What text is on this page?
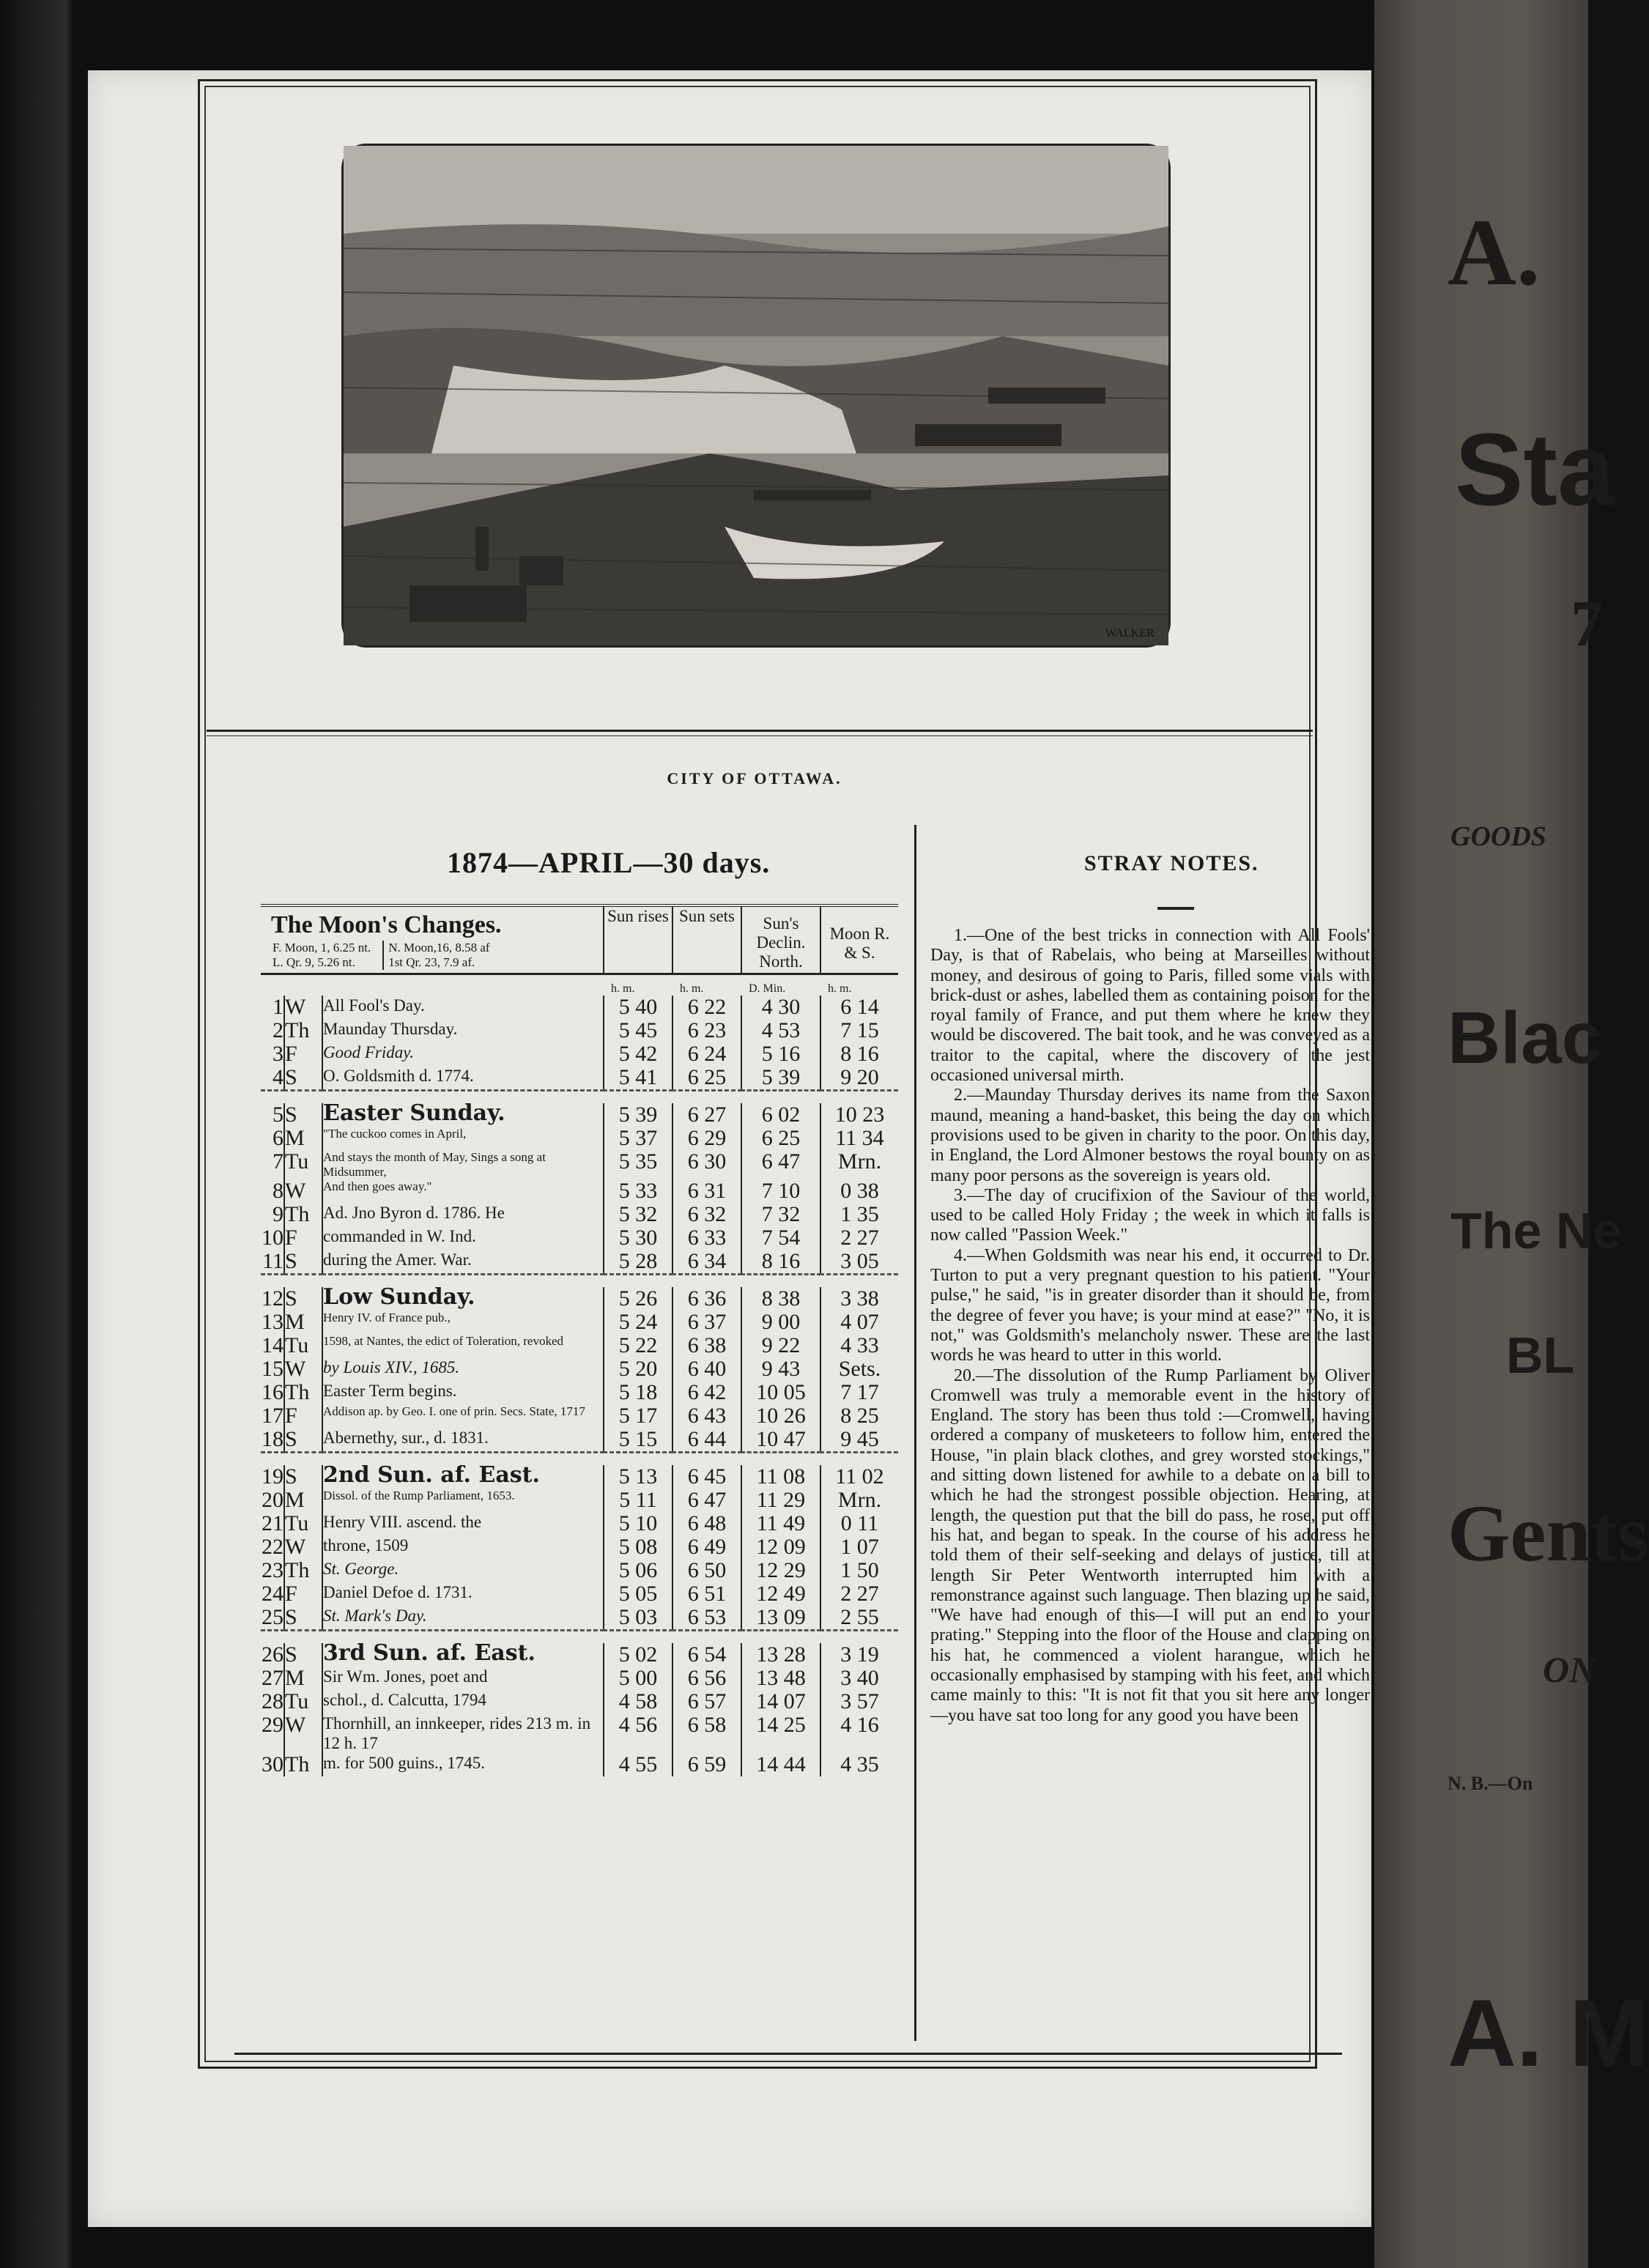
WALKER
CITY OF OTTAWA.
1874—APRIL—30 days.	STRAY NOTES.
The Moon's Changes.
F. Moon, 1, 6.25 nt.
L. Qr. 9, 5.26 nt.
N. Moon,16, 8.58 af
1st Qr. 23, 7.9 af.			Sun rises	Sun sets	Sun's Declin. North.	Moon R. & S.
			h. m.	h. m.	D. Min.	h. m.
1	W	All Fool's Day.	5 40	6 22	4 30	6 14
2	Th	Maunday Thursday.	5 45	6 23	4 53	7 15
3	F	Good Friday.	5 42	6 24	5 16	8 16
4	S	O. Goldsmith d. 1774.	5 41	6 25	5 39	9 20

5	S	Easter Sunday.	5 39	6 27	6 02	10 23
6	M	"The cuckoo comes in April,	5 37	6 29	6 25	11 34
7	Tu	And stays the month of May, Sings a song at Midsummer,	5 35	6 30	6 47	Mrn.
8	W	And then goes away."	5 33	6 31	7 10	0 38
9	Th	Ad. Jno Byron d. 1786. He	5 32	6 32	7 32	1 35
10	F	commanded in W. Ind.	5 30	6 33	7 54	2 27
11	S	during the Amer. War.	5 28	6 34	8 16	3 05

12	S	Low Sunday.	5 26	6 36	8 38	3 38
13	M	Henry IV. of France pub.,	5 24	6 37	9 00	4 07
14	Tu	1598, at Nantes, the edict of Toleration, revoked	5 22	6 38	9 22	4 33
15	W	by Louis XIV., 1685.	5 20	6 40	9 43	Sets.
16	Th	Easter Term begins.	5 18	6 42	10 05	7 17
17	F	Addison ap. by Geo. I. one of prin. Secs. State, 1717	5 17	6 43	10 26	8 25
18	S	Abernethy, sur., d. 1831.	5 15	6 44	10 47	9 45

19	S	2nd Sun. af. East.	5 13	6 45	11 08	11 02
20	M	Dissol. of the Rump Parliament, 1653.	5 11	6 47	11 29	Mrn.
21	Tu	Henry VIII. ascend. the	5 10	6 48	11 49	0 11
22	W	throne, 1509	5 08	6 49	12 09	1 07
23	Th	St. George.	5 06	6 50	12 29	1 50
24	F	Daniel Defoe d. 1731.	5 05	6 51	12 49	2 27
25	S	St. Mark's Day.	5 03	6 53	13 09	2 55

26	S	3rd Sun. af. East.	5 02	6 54	13 28	3 19
27	M	Sir Wm. Jones, poet and	5 00	6 56	13 48	3 40
28	Tu	schol., d. Calcutta, 1794	4 58	6 57	14 07	3 57
29	W	Thornhill, an innkeeper, rides 213 m. in 12 h. 17	4 56	6 58	14 25	4 16
30	Th	m. for 500 guins., 1745.	4 55	6 59	14 44	4 35

1.—One of the best tricks in connection with All Fools' Day, is that of Rabelais, who being at Marseilles without money, and desirous of going to Paris, filled some vials with brick-dust or ashes, labelled them as containing poison for the royal family of France, and put them where he knew they would be discovered. The bait took, and he was conveyed as a traitor to the capital, where the discovery of the jest occasioned universal mirth.

2.—Maunday Thursday derives its name from the Saxon maund, meaning a hand-basket, this being the day on which provisions used to be given in charity to the poor. On this day, in England, the Lord Almoner bestows the royal bounty on as many poor persons as the sovereign is years old.

3.—The day of crucifixion of the Saviour of the world, used to be called Holy Friday ; the week in which it falls is now called "Passion Week."

4.—When Goldsmith was near his end, it occurred to Dr. Turton to put a very pregnant question to his patient. "Your pulse," he said, "is in greater disorder than it should be, from the degree of fever you have; is your mind at ease?" "No, it is not," was Goldsmith's melancholy nswer. These are the last words he was heard to utter in this world.

20.—The dissolution of the Rump Parliament by Oliver Cromwell was truly a memorable event in the history of England. The story has been thus told :—Cromwell, having ordered a company of musketeers to follow him, entered the House, "in plain black clothes, and grey worsted stockings," and sitting down listened for awhile to a debate on a bill to which he had the strongest possible objection. Hearing, at length, the question put that the bill do pass, he rose, put off his hat, and began to speak. In the course of his address he told them of their self-seeking and delays of justice, till at length Sir Peter Wentworth interrupted him with a remonstrance against such language. Then blazing up he said, "We have had enough of this—I will put an end to your prating." Stepping into the floor of the House and clapping on his hat, he commenced a violent harangue, which he occasionally emphasised by stamping with his feet, and which came mainly to this: "It is not fit that you sit here any longer—you have sat too long for any good you have been

A.
Sta
7
GOODS
Blac
The Ne
BL
Gents
ON
N. B.—On
A. M
